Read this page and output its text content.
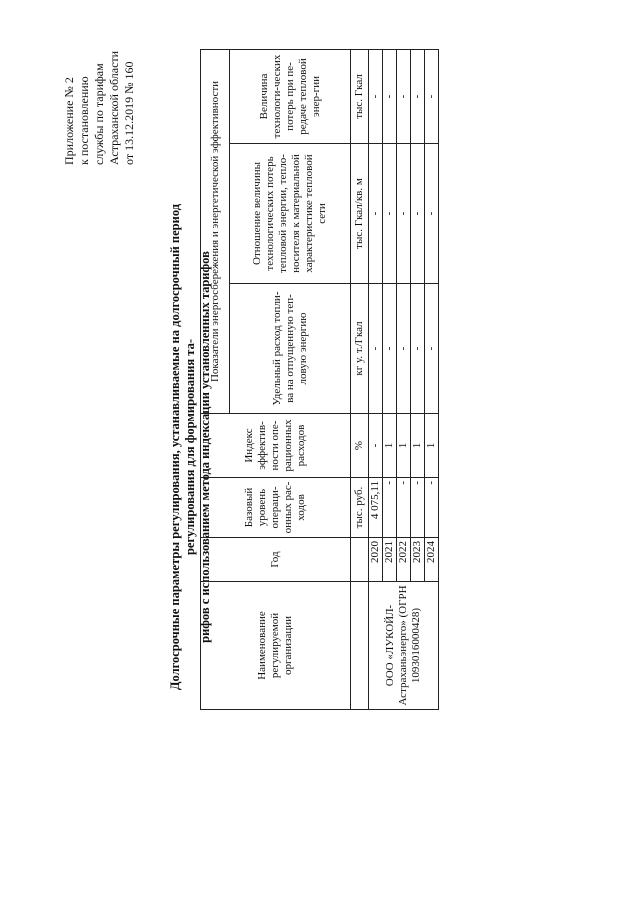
Приложение № 2 к постановлению службы по тарифам Астраханской области от 13.12.2019 № 160
Долгосрочные параметры регулирования, устанавливаемые на долгосрочный период регулирования для формирования та- рифов с использованием метода индексации установленных тарифов
Наименование регулируемой организации	Год	Базовый уровень операци-онных рас-ходов	Индекс эффектив-ности опе-рационных расходов	Показатели энергосбережения и энергетической эффективности		
				Удельный расход топли-ва на отпущенную теп-ловую энергию	Отношение величины технологических потерь тепловой энергии, тепло-носителя к материальной характеристике тепловой сети	Величина технологи-ческих потерь при пе-редаче тепловой энер-гии
		тыс. руб.	%	кг у. т./Гкал	тыс. Гкал/кв. м	тыс. Гкал
ООО «ЛУКОЙЛ-Астраханьэнерго» (ОГРН 1093016000428)	2020	4 075,11	-	-	-	-
	2021	-	1	-	-	-
	2022	-	1	-	-	-
	2023	-	1	-	-	-
	2024	-	1	-	-	-
